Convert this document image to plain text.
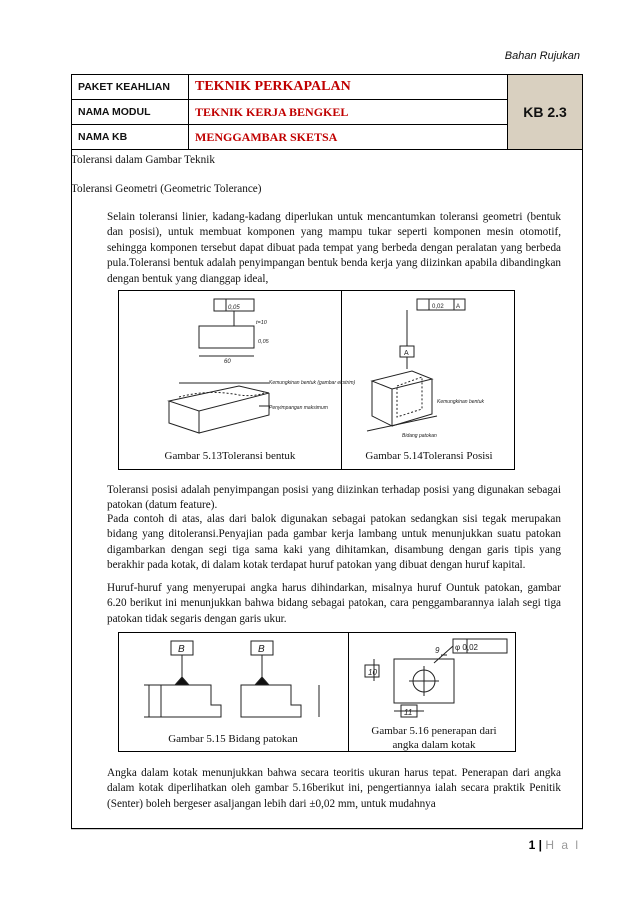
Bahan Rujukan
PAKET KEAHLIAN	TEKNIK PERKAPALAN	KB 2.3
NAMA MODUL	TEKNIK KERJA BENGKEL	
NAMA KB	MENGGAMBAR SKETSA	
Toleransi dalam Gambar Teknik
Toleransi Geometri (Geometric Tolerance)
Selain toleransi linier, kadang-kadang diperlukan untuk mencantumkan toleransi geometri (bentuk dan posisi), untuk membuat komponen yang mampu tukar seperti komponen mesin otomotif, sehingga komponen tersebut dapat dibuat pada tempat yang berbeda dengan peralatan yang berbeda pula.Toleransi bentuk adalah penyimpangan bentuk benda kerja yang diizinkan apabila dibandingkan dengan bentuk yang dianggap ideal,
0,05
60
t=10
0,05
Kemungkinan bentuk (gambar ekstrim)
Penyimpangan maksimum
0,02 A
A
Kemungkinan bentuk
Bidang patokan
Gambar 5.13Toleransi bentuk	Gambar 5.14Toleransi Posisi
Toleransi posisi adalah penyimpangan posisi yang diizinkan terhadap posisi yang digunakan sebagai patokan (datum feature).
Pada contoh di atas, alas dari balok digunakan sebagai patokan sedangkan sisi tegak merupakan bidang yang ditoleransi.Penyajian pada gambar kerja lambang untuk menunjukkan suatu patokan digambarkan dengan segi tiga sama kaki yang dihitamkan, disambung dengan garis tipis yang berakhir pada kotak, di dalam kotak terdapat huruf patokan yang dibuat dengan huruf kapital.
Huruf-huruf yang menyerupai angka harus dihindarkan, misalnya huruf Ountuk patokan, gambar 6.20 berikut ini menunjukkan bahwa bidang sebagai patokan, cara penggambarannya ialah segi tiga patokan tidak segaris dengan garis ukur.
B	B	φ 0,02
10
11
9
Gambar 5.15 Bidang patokan
Gambar 5.16 penerapan dari angka dalam kotak
Angka dalam kotak menunjukkan bahwa secara teoritis ukuran harus tepat. Penerapan dari angka dalam kotak diperlihatkan oleh gambar 5.16berikut ini, pengertiannya ialah secara praktik Penitik (Senter) boleh bergeser asaljangan lebih dari ±0,02 mm, untuk mudahnya
1 | H a l
